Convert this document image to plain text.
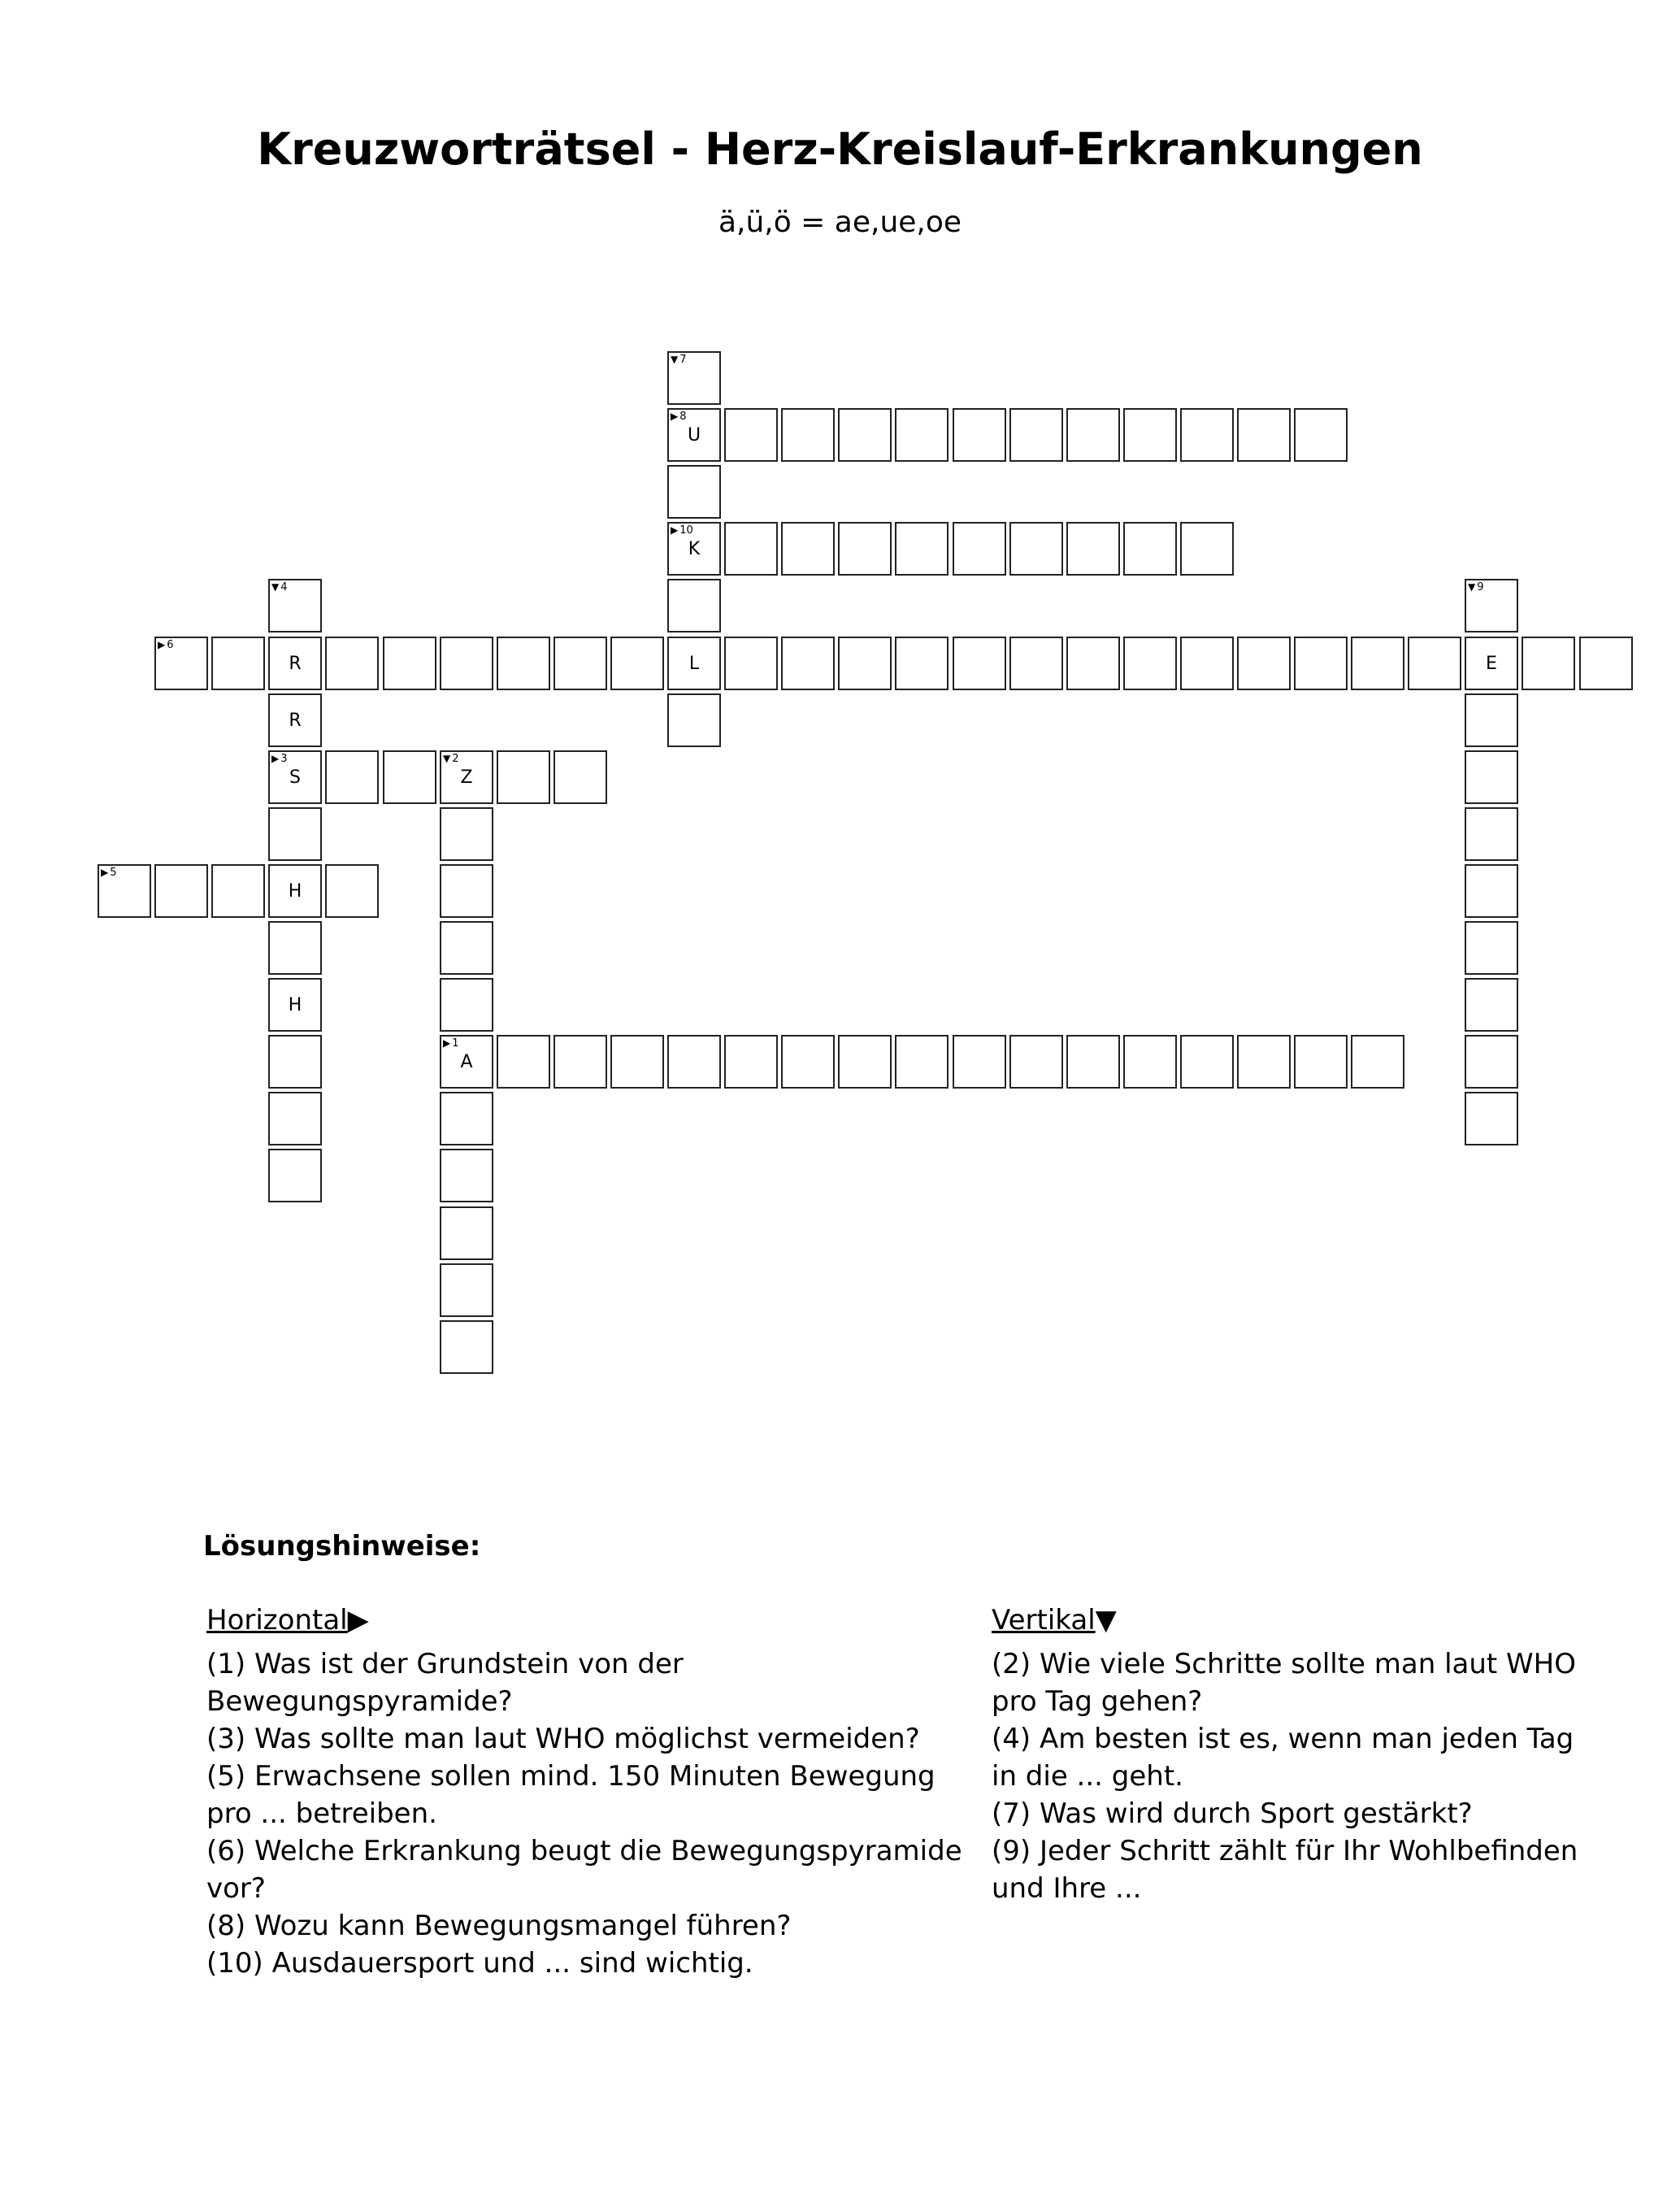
Kreuzworträtsel - Herz-Kreislauf-Erkrankungen
ä,ü,ö = ae,ue,oe
▶ 1
A
▼ 2
Z
▶ 3
S
▼ 4
R
R
H
H
▶ 5
▶ 6
L	E
▼ 7
▶ 8
U
▶ 10
K
▼ 9
Lösungshinweise:
Horizontal▶

(1) Was ist der Grundstein von der Bewegungspyramide?

(3) Was sollte man laut WHO möglichst vermeiden?

(5) Erwachsene sollen mind. 150 Minuten Bewegung pro ... betreiben.

(6) Welche Erkrankung beugt die Bewegungspyramide vor?

(8) Wozu kann Bewegungsmangel führen?

(10) Ausdauersport und ... sind wichtig.

Vertikal▼

(2) Wie viele Schritte sollte man laut WHO pro Tag gehen?

(4) Am besten ist es, wenn man jeden Tag in die ... geht.

(7) Was wird durch Sport gestärkt?

(9) Jeder Schritt zählt für Ihr Wohlbefinden und Ihre ...
